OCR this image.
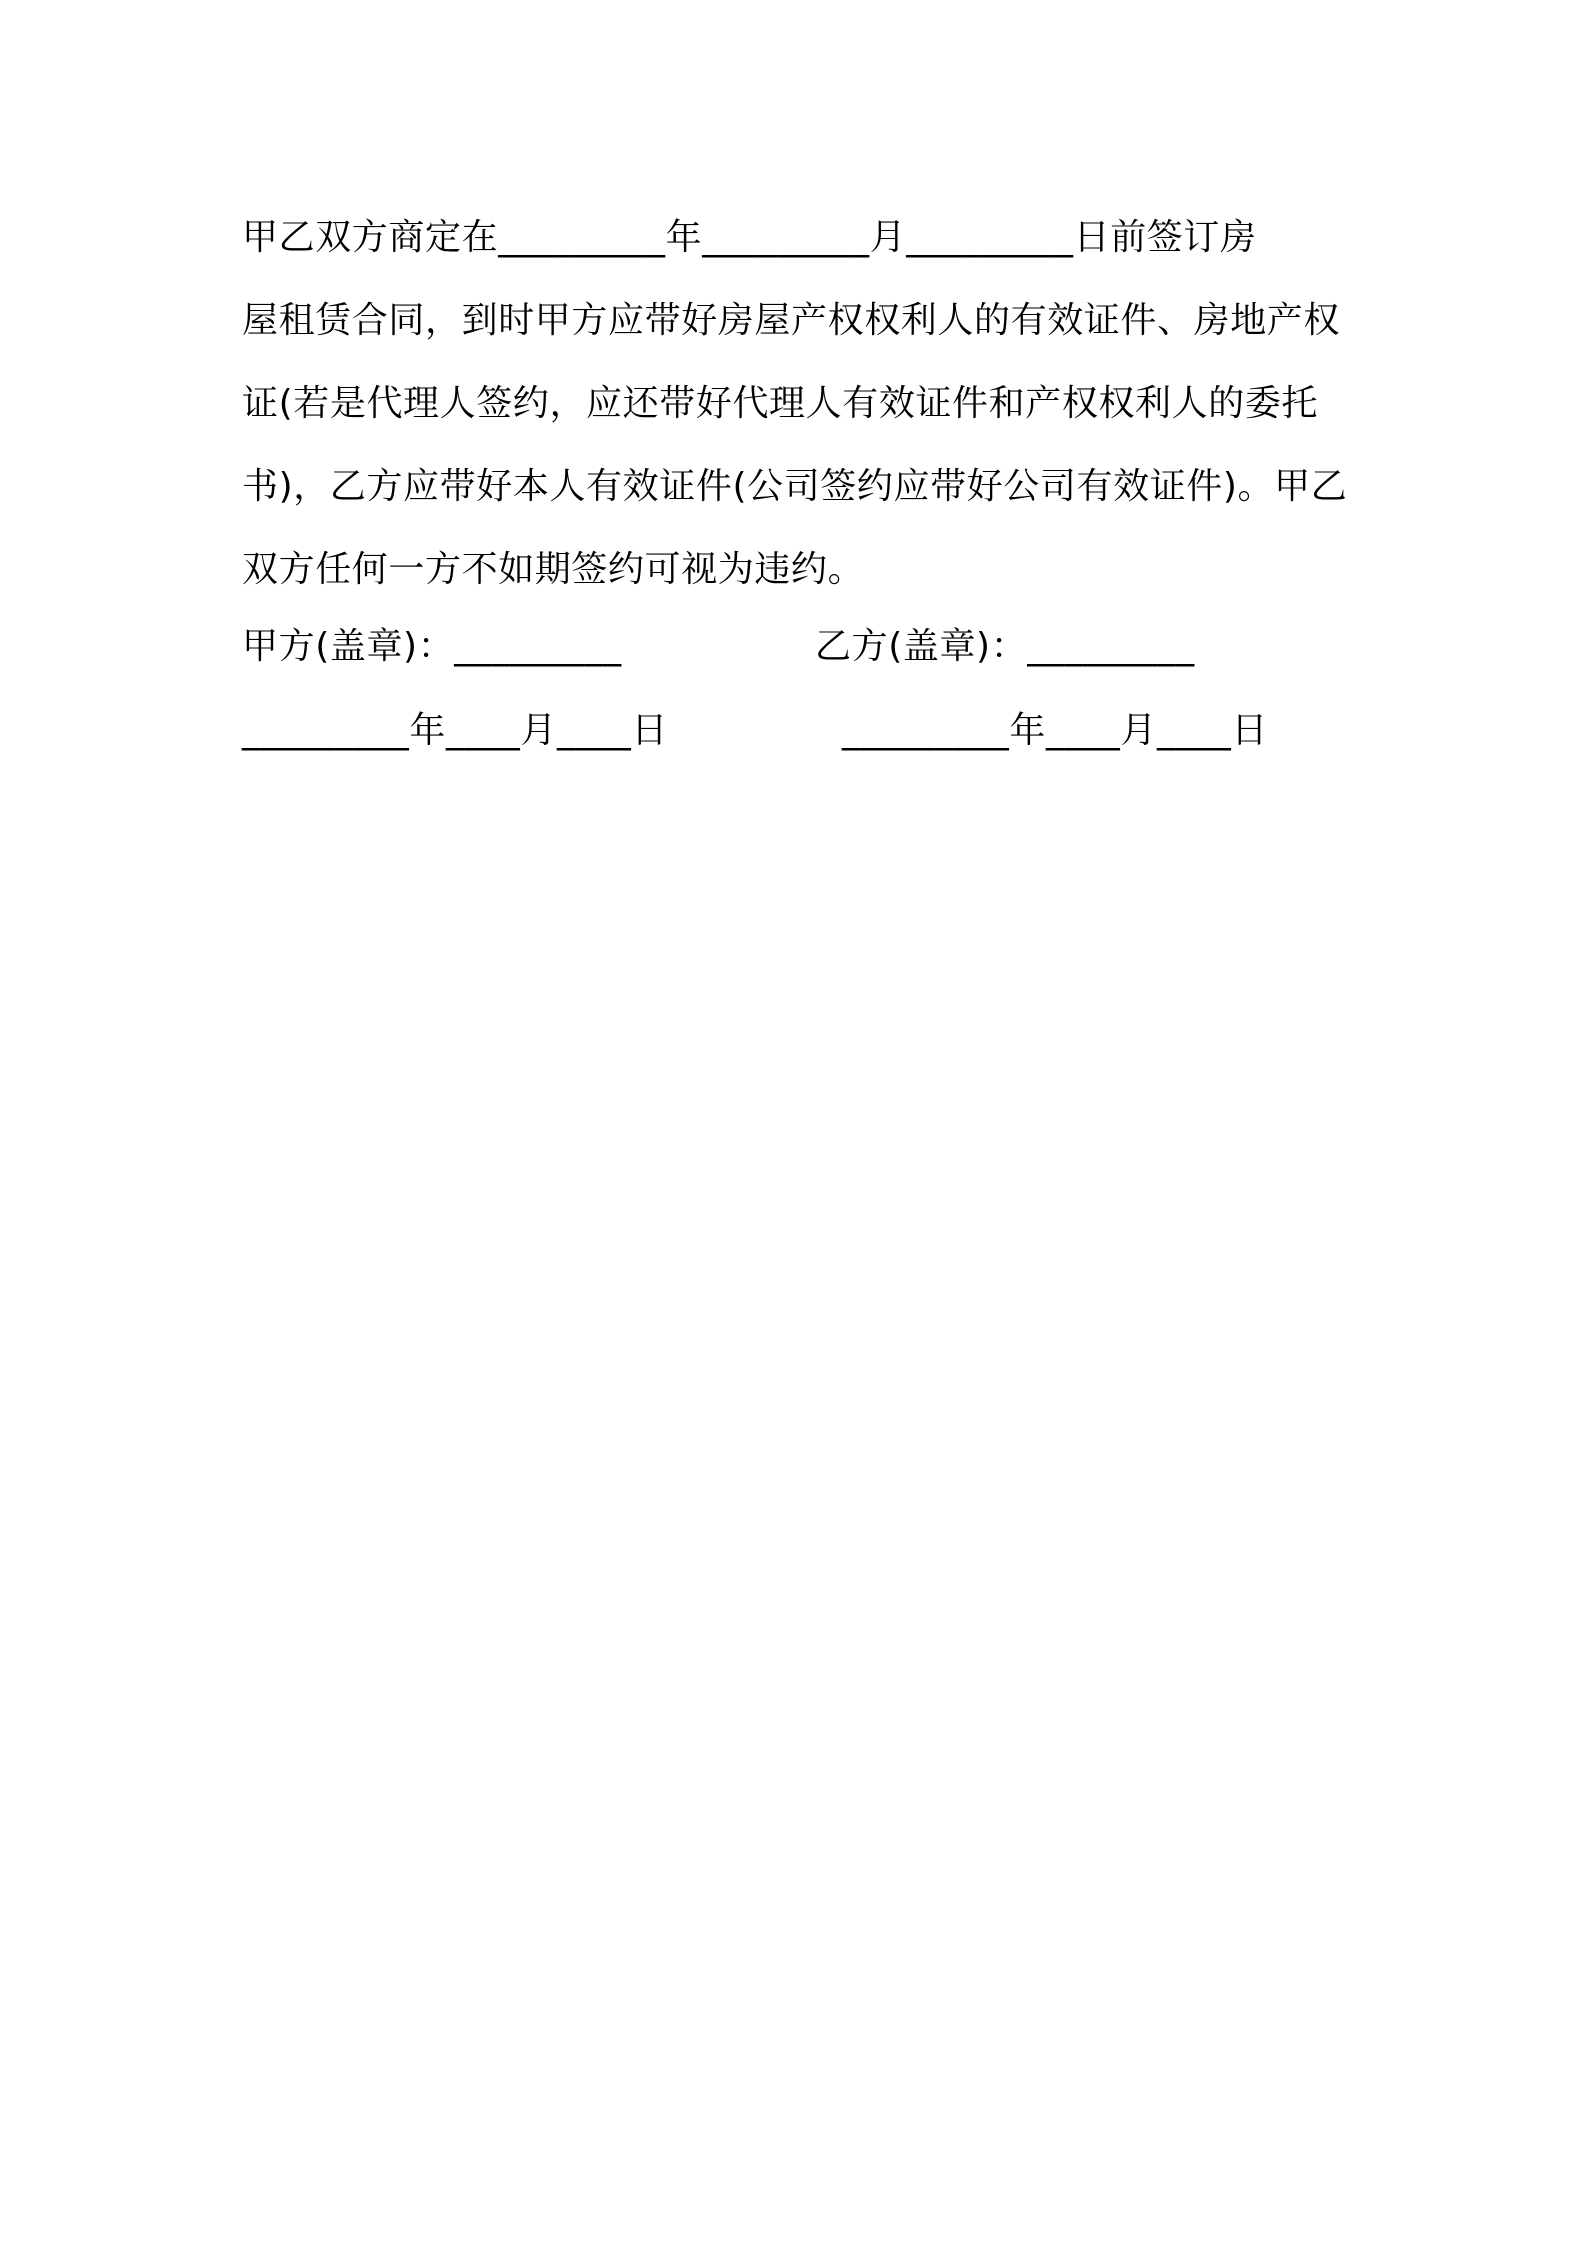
甲乙双方商定在_________年_________月_________日前签订房
屋租赁合同，到时甲方应带好房屋产权权利人的有效证件、房地产权
证(若是代理人签约，应还带好代理人有效证件和产权权利人的委托
书)，乙方应带好本人有效证件(公司签约应带好公司有效证件)。甲乙
双方任何一方不如期签约可视为违约。
甲方(盖章)：_________	乙方(盖章)：_________
_________年____月____日	_________年____月____日
